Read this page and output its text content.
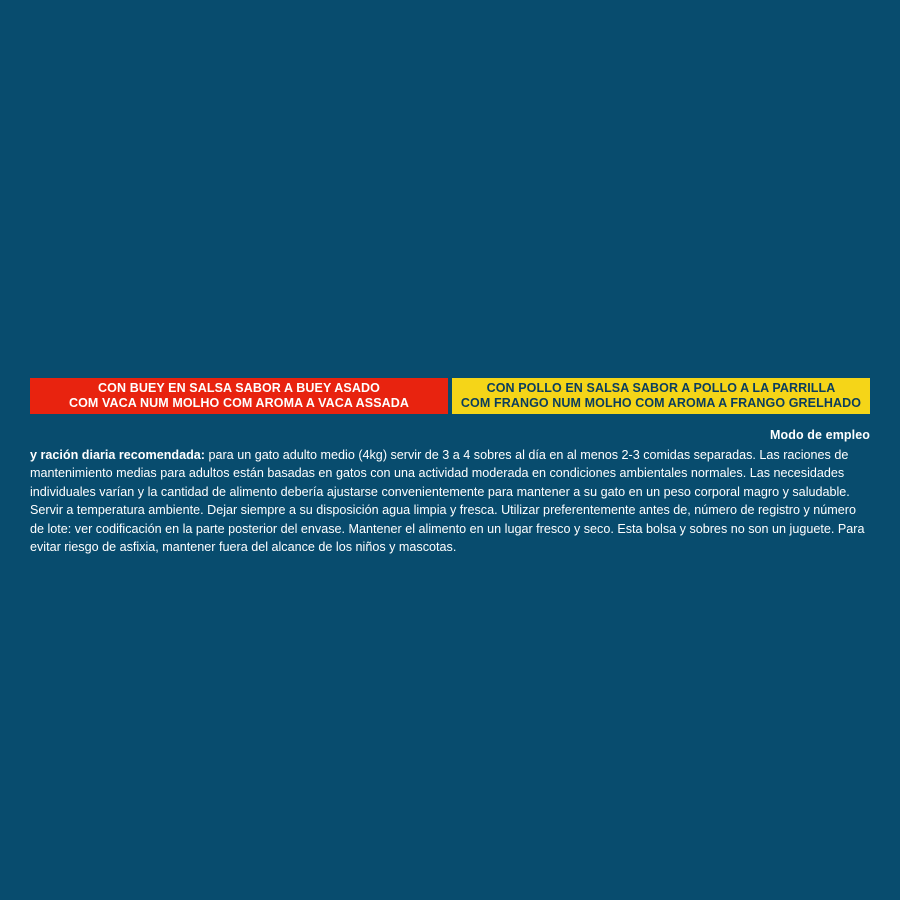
CON BUEY EN SALSA SABOR A BUEY ASADO
COM VACA NUM MOLHO COM AROMA A VACA ASSADA
CON POLLO EN SALSA SABOR A POLLO A LA PARRILLA
COM FRANGO NUM MOLHO COM AROMA A FRANGO GRELHADO
Modo de empleo
y ración diaria recomendada: para un gato adulto medio (4kg) servir de 3 a 4 sobres al día en al menos 2-3 comidas separadas. Las raciones de mantenimiento medias para adultos están basadas en gatos con una actividad moderada en condiciones ambientales normales. Las necesidades individuales varían y la cantidad de alimento debería ajustarse convenientemente para mantener a su gato en un peso corporal magro y saludable. Servir a temperatura ambiente. Dejar siempre a su disposición agua limpia y fresca. Utilizar preferentemente antes de, número de registro y número de lote: ver codificación en la parte posterior del envase. Mantener el alimento en un lugar fresco y seco. Esta bolsa y sobres no son un juguete. Para evitar riesgo de asfixia, mantener fuera del alcance de los niños y mascotas.
